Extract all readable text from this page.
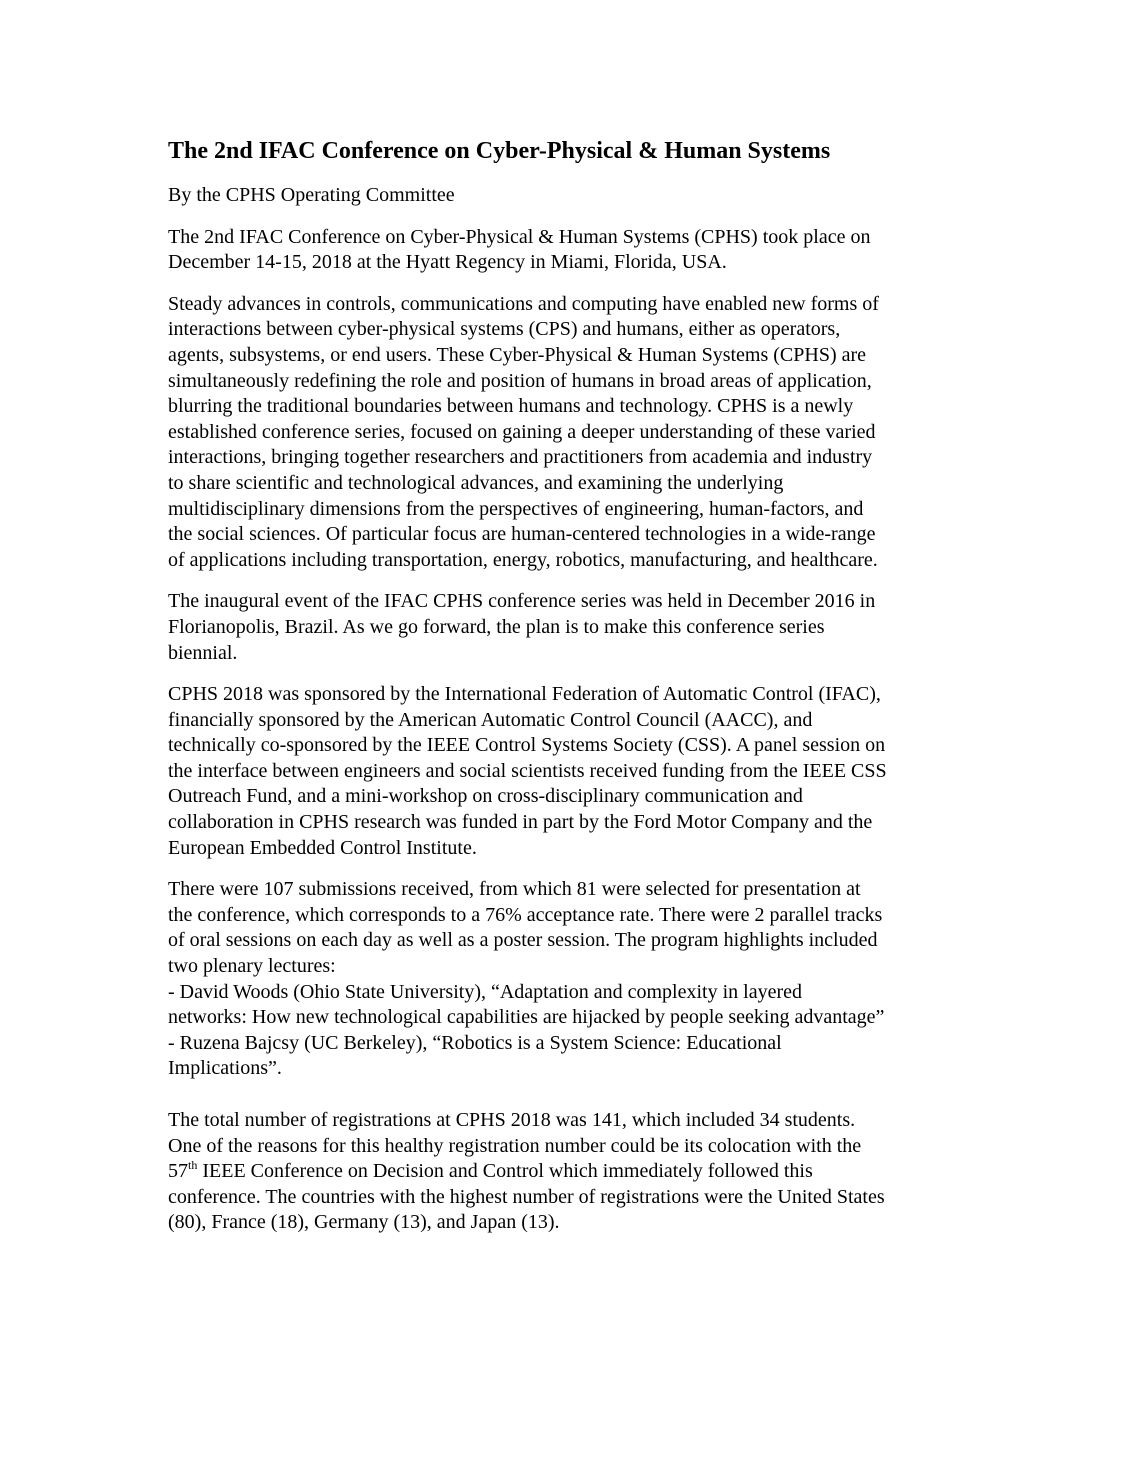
The 2nd IFAC Conference on Cyber-Physical & Human Systems
By the CPHS Operating Committee
The 2nd IFAC Conference on Cyber-Physical & Human Systems (CPHS) took place on
December 14-15, 2018 at the Hyatt Regency in Miami, Florida, USA.
Steady advances in controls, communications and computing have enabled new forms of
interactions between cyber-physical systems (CPS) and humans, either as operators,
agents, subsystems, or end users. These Cyber-Physical & Human Systems (CPHS) are
simultaneously redefining the role and position of humans in broad areas of application,
blurring the traditional boundaries between humans and technology. CPHS is a newly
established conference series, focused on gaining a deeper understanding of these varied
interactions, bringing together researchers and practitioners from academia and industry
to share scientific and technological advances, and examining the underlying
multidisciplinary dimensions from the perspectives of engineering, human-factors, and
the social sciences. Of particular focus are human-centered technologies in a wide-range
of applications including transportation, energy, robotics, manufacturing, and healthcare.
The inaugural event of the IFAC CPHS conference series was held in December 2016 in
Florianopolis, Brazil. As we go forward, the plan is to make this conference series
biennial.
CPHS 2018 was sponsored by the International Federation of Automatic Control (IFAC),
financially sponsored by the American Automatic Control Council (AACC), and
technically co-sponsored by the IEEE Control Systems Society (CSS). A panel session on
the interface between engineers and social scientists received funding from the IEEE CSS
Outreach Fund, and a mini-workshop on cross-disciplinary communication and
collaboration in CPHS research was funded in part by the Ford Motor Company and the
European Embedded Control Institute.
There were 107 submissions received, from which 81 were selected for presentation at
the conference, which corresponds to a 76% acceptance rate. There were 2 parallel tracks
of oral sessions on each day as well as a poster session. The program highlights included
two plenary lectures:
- David Woods (Ohio State University), “Adaptation and complexity in layered
networks: How new technological capabilities are hijacked by people seeking advantage”
- Ruzena Bajcsy (UC Berkeley), “Robotics is a System Science: Educational
Implications”.
The total number of registrations at CPHS 2018 was 141, which included 34 students.
One of the reasons for this healthy registration number could be its colocation with the
57th IEEE Conference on Decision and Control which immediately followed this
conference. The countries with the highest number of registrations were the United States
(80), France (18), Germany (13), and Japan (13).
